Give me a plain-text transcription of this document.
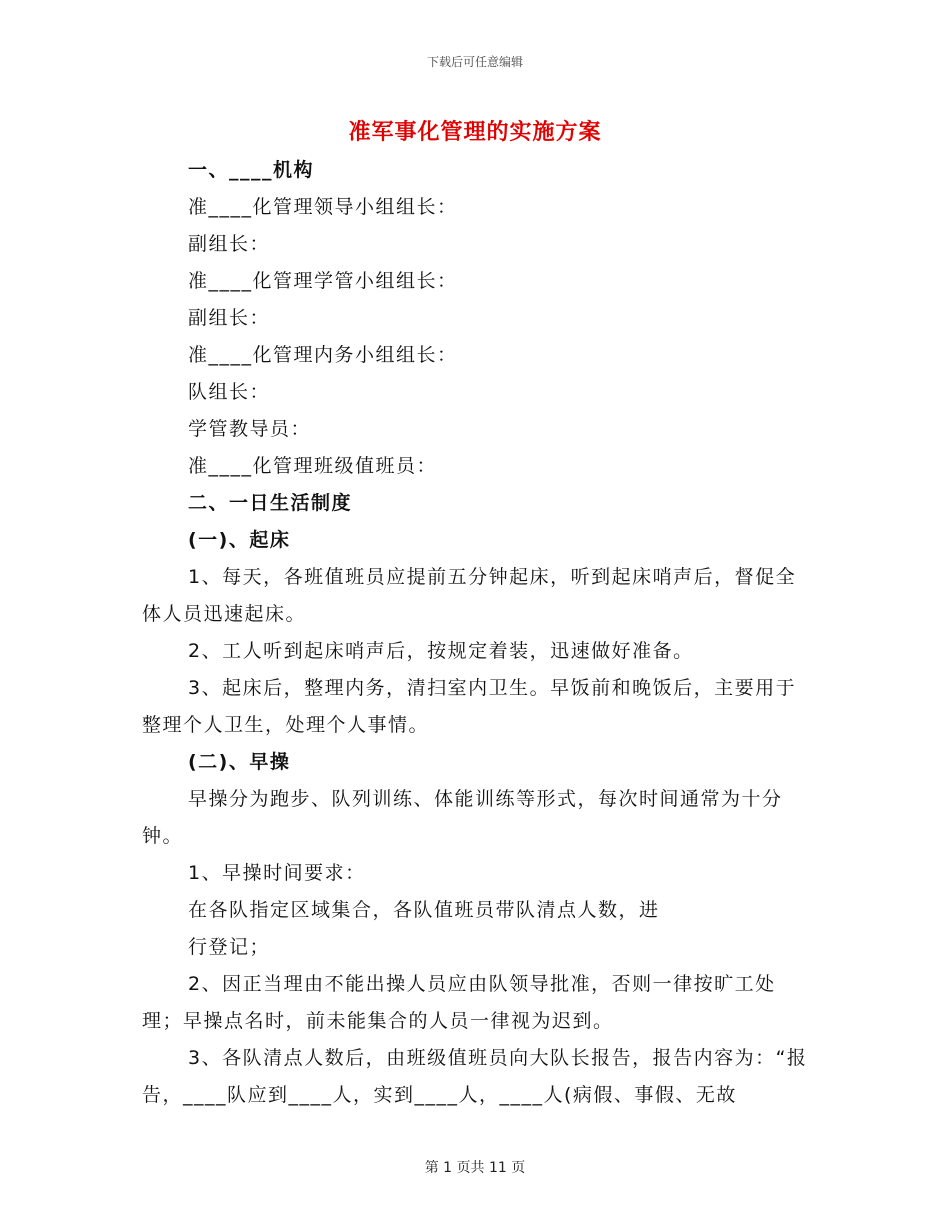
下载后可任意编辑
准军事化管理的实施方案

一、____机构

准____化管理领导小组组长：

副组长：

准____化管理学管小组组长：

副组长：

准____化管理内务小组组长：

队组长：

学管教导员：

准____化管理班级值班员：

二、一日生活制度

(一)、起床

1、每天，各班值班员应提前五分钟起床，听到起床哨声后，督促全体人员迅速起床。

2、工人听到起床哨声后，按规定着装，迅速做好准备。

3、起床后，整理内务，清扫室内卫生。早饭前和晚饭后，主要用于整理个人卫生，处理个人事情。

(二)、早操

早操分为跑步、队列训练、体能训练等形式，每次时间通常为十分钟。

1、早操时间要求：

在各队指定区域集合，各队值班员带队清点人数，进

行登记；

2、因正当理由不能出操人员应由队领导批准，否则一律按旷工处理；早操点名时，前未能集合的人员一律视为迟到。

3、各队清点人数后，由班级值班员向大队长报告，报告内容为：“报告，____队应到____人，实到____人，____人(病假、事假、无故

第 1 页共 11 页
